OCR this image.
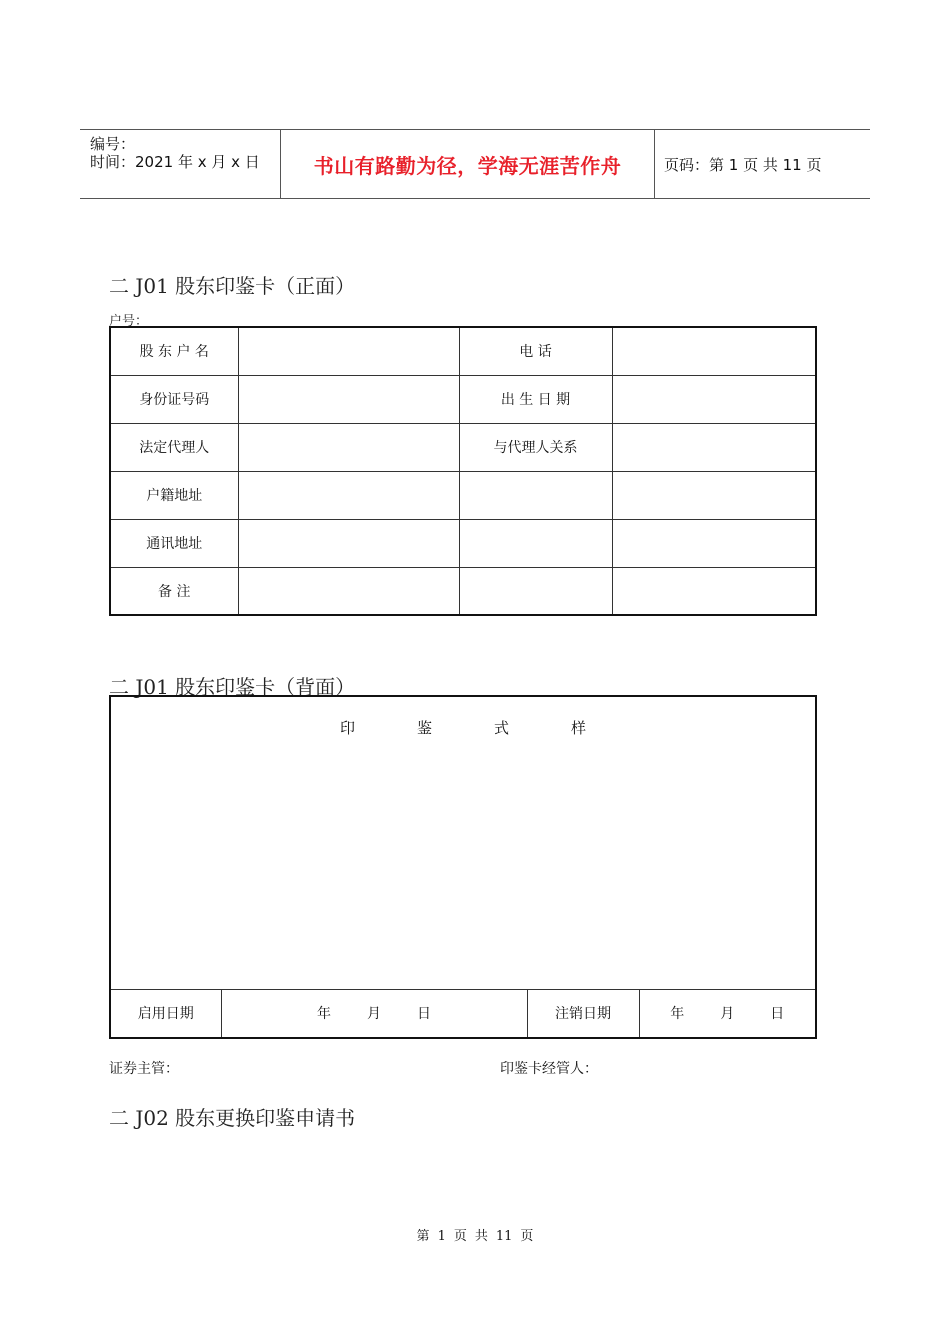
编号：
时间：2021 年 x 月 x 日	书山有路勤为径，学海无涯苦作舟	页码：第 1 页 共 11 页
二 J01 股东印鉴卡（正面）
户号：
股 东 户 名		电 话	
身份证号码		出 生 日 期	
法定代理人		与代理人关系	
户籍地址			
通讯地址			
备 注			
二 J01 股东印鉴卡（背面）
印	鉴	式	样

启用日期	年	月	日	注销日期	年	月	日
证券主管：	印鉴卡经管人：
二 J02 股东更换印鉴申请书
第 1 页 共 11 页
